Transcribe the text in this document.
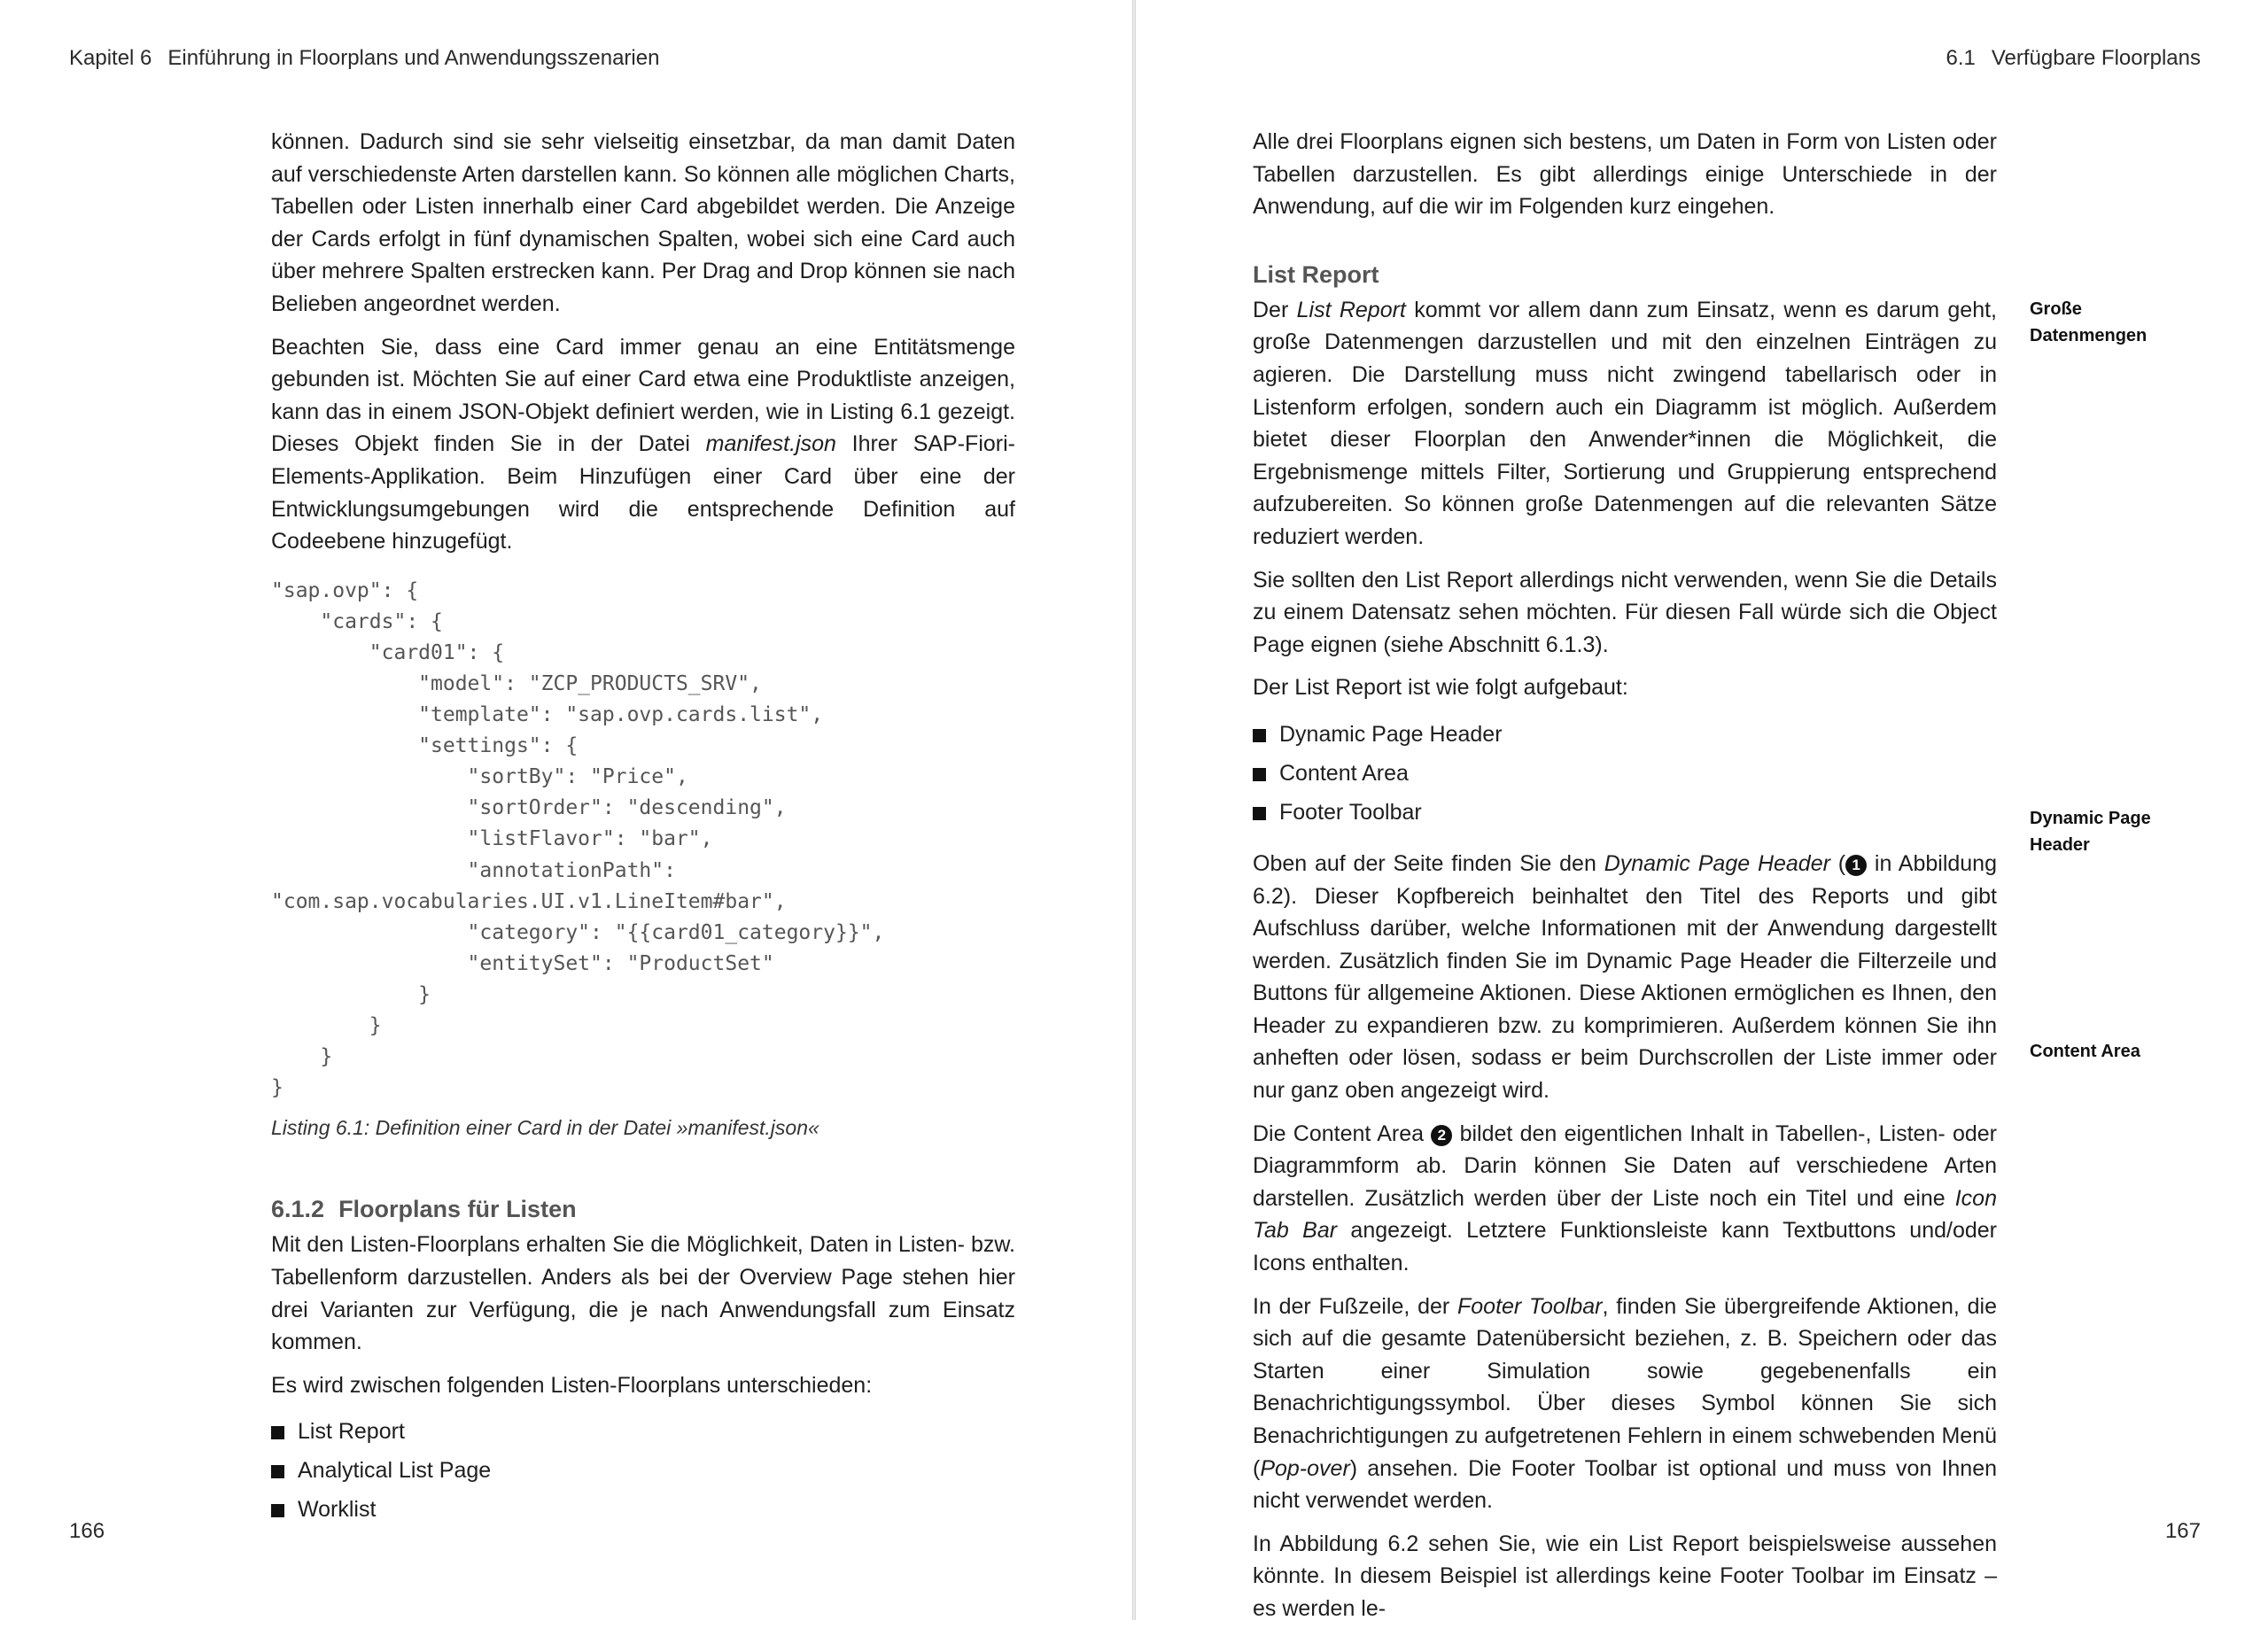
Kapitel 6 Einführung in Floorplans und Anwendungsszenarien

können. Dadurch sind sie sehr vielseitig einsetzbar, da man damit Daten auf verschiedenste Arten darstellen kann. So können alle möglichen Charts, Tabellen oder Listen innerhalb einer Card abgebildet werden. Die Anzeige der Cards erfolgt in fünf dynamischen Spalten, wobei sich eine Card auch über mehrere Spalten erstrecken kann. Per Drag and Drop können sie nach Belieben angeordnet werden.

Beachten Sie, dass eine Card immer genau an eine Entitätsmenge gebunden ist. Möchten Sie auf einer Card etwa eine Produktliste anzeigen, kann das in einem JSON-Objekt definiert werden, wie in Listing 6.1 gezeigt. Dieses Objekt finden Sie in der Datei manifest.json Ihrer SAP-Fiori-Elements-Applikation. Beim Hinzufügen einer Card über eine der Entwicklungsumgebungen wird die entsprechende Definition auf Codeebene hinzugefügt.

"sap.ovp": {
"cards": {
"card01": {
"model": "ZCP_PRODUCTS_SRV",
"template": "sap.ovp.cards.list",
"settings": {
"sortBy": "Price",
"sortOrder": "descending",
"listFlavor": "bar",
"annotationPath":
"com.sap.vocabularies.UI.v1.LineItem#bar",
"category": "{{card01_category}}",
"entitySet": "ProductSet"
}
}
}
}
Listing 6.1: Definition einer Card in der Datei »manifest.json«
6.1.2 Floorplans für Listen

Mit den Listen-Floorplans erhalten Sie die Möglichkeit, Daten in Listen- bzw. Tabellenform darzustellen. Anders als bei der Overview Page stehen hier drei Varianten zur Verfügung, die je nach Anwendungsfall zum Einsatz kommen.

Es wird zwischen folgenden Listen-Floorplans unterschieden:

List Report
Analytical List Page
Worklist
166
6.1 Verfügbare Floorplans

Alle drei Floorplans eignen sich bestens, um Daten in Form von Listen oder Tabellen darzustellen. Es gibt allerdings einige Unterschiede in der Anwendung, auf die wir im Folgenden kurz eingehen.

List Report

Der List Report kommt vor allem dann zum Einsatz, wenn es darum geht, große Datenmengen darzustellen und mit den einzelnen Einträgen zu agieren. Die Darstellung muss nicht zwingend tabellarisch oder in Listenform erfolgen, sondern auch ein Diagramm ist möglich. Außerdem bietet dieser Floorplan den Anwender*innen die Möglichkeit, die Ergebnismenge mittels Filter, Sortierung und Gruppierung entsprechend aufzubereiten. So können große Datenmengen auf die relevanten Sätze reduziert werden.

Sie sollten den List Report allerdings nicht verwenden, wenn Sie die Details zu einem Datensatz sehen möchten. Für diesen Fall würde sich die Object Page eignen (siehe Abschnitt 6.1.3).

Der List Report ist wie folgt aufgebaut:

Dynamic Page Header
Content Area
Footer Toolbar

Oben auf der Seite finden Sie den Dynamic Page Header ( 1 in Abbildung 6.2). Dieser Kopfbereich beinhaltet den Titel des Reports und gibt Aufschluss darüber, welche Informationen mit der Anwendung dargestellt werden. Zusätzlich finden Sie im Dynamic Page Header die Filterzeile und Buttons für allgemeine Aktionen. Diese Aktionen ermöglichen es Ihnen, den Header zu expandieren bzw. zu komprimieren. Außerdem können Sie ihn anheften oder lösen, sodass er beim Durchscrollen der Liste immer oder nur ganz oben angezeigt wird.

Die Content Area 2 bildet den eigentlichen Inhalt in Tabellen-, Listen- oder Diagrammform ab. Darin können Sie Daten auf verschiedene Arten darstellen. Zusätzlich werden über der Liste noch ein Titel und eine Icon Tab Bar angezeigt. Letztere Funktionsleiste kann Textbuttons und/oder Icons enthalten.

In der Fußzeile, der Footer Toolbar, finden Sie übergreifende Aktionen, die sich auf die gesamte Datenübersicht beziehen, z. B. Speichern oder das Starten einer Simulation sowie gegebenenfalls ein Benachrichtigungssymbol. Über dieses Symbol können Sie sich Benachrichtigungen zu aufgetretenen Fehlern in einem schwebenden Menü (Pop-over) ansehen. Die Footer Toolbar ist optional und muss von Ihnen nicht verwendet werden.

In Abbildung 6.2 sehen Sie, wie ein List Report beispielsweise aussehen könnte. In diesem Beispiel ist allerdings keine Footer Toolbar im Einsatz – es werden le-

Große
Datenmengen
Dynamic Page
Header
Content Area
167
